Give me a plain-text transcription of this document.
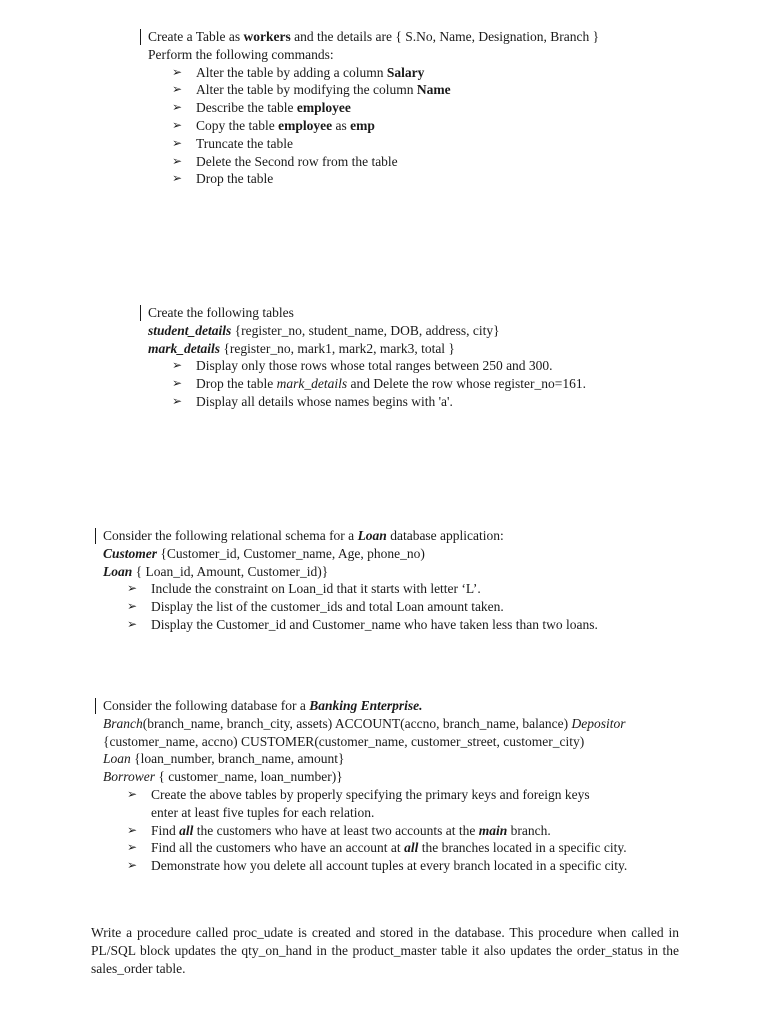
Create a Table as workers and the details are { S.No, Name, Designation, Branch }
Perform the following commands:
➢ Alter the table by adding a column Salary
➢ Alter the table by modifying the column Name
➢ Describe the table employee
➢ Copy the table employee as emp
➢ Truncate the table
➢ Delete the Second row from the table
➢ Drop the table
Create the following tables
student_details {register_no, student_name, DOB, address, city}
mark_details {register_no, mark1, mark2, mark3, total }
➢ Display only those rows whose total ranges between 250 and 300.
➢ Drop the table mark_details and Delete the row whose register_no=161.
➢ Display all details whose names begins with 'a'.
Consider the following relational schema for a Loan database application:
Customer {Customer_id, Customer_name, Age, phone_no)
Loan { Loan_id, Amount, Customer_id)}
➢ Include the constraint on Loan_id that it starts with letter ‘L’.
➢ Display the list of the customer_ids and total Loan amount taken.
➢ Display the Customer_id and Customer_name who have taken less than two loans.
Consider the following database for a Banking Enterprise.
Branch(branch_name, branch_city, assets) ACCOUNT(accno, branch_name, balance) Depositor
{customer_name, accno) CUSTOMER(customer_name, customer_street, customer_city)
Loan {loan_number, branch_name, amount}
Borrower { customer_name, loan_number)}
➢ Create the above tables by properly specifying the primary keys and foreign keys
enter at least five tuples for each relation.
➢ Find all the customers who have at least two accounts at the main branch.
➢ Find all the customers who have an account at all the branches located in a specific city.
➢ Demonstrate how you delete all account tuples at every branch located in a specific city.
Write a procedure called proc_udate is created and stored in the database. This procedure when called in PL/SQL block updates the qty_on_hand in the product_master table it also updates the order_status in the sales_order table.
